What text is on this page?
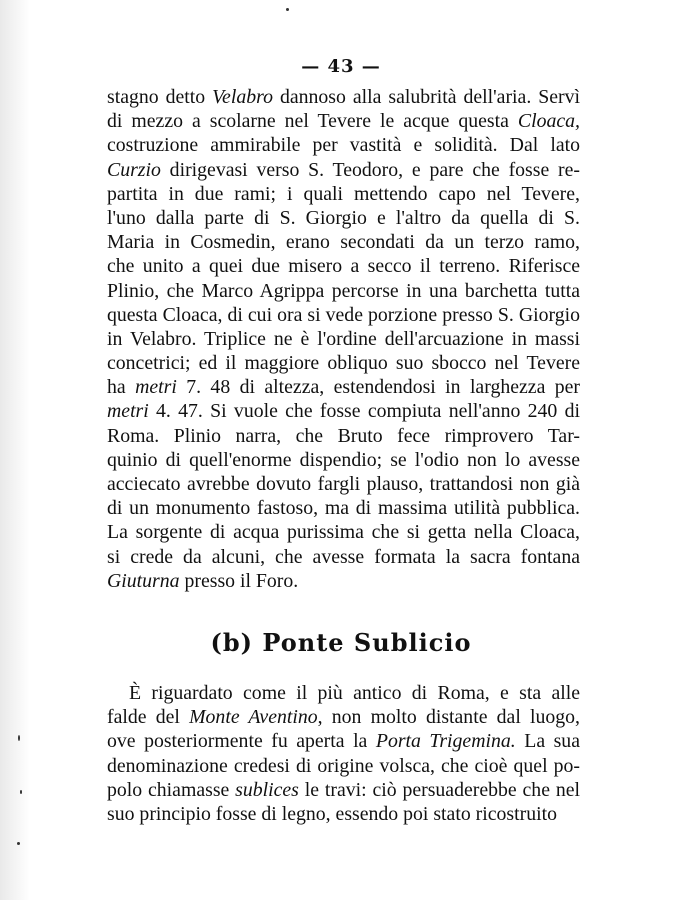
— 43 —
stagno detto Velabro dannoso alla salubrità dell'aria. Servì
di mezzo a scolarne nel Tevere le acque questa Cloaca,
costruzione ammirabile per vastità e solidità. Dal lato
Curzio dirigevasi verso S. Teodoro, e pare che fosse re-
partita in due rami; i quali mettendo capo nel Tevere,
l'uno dalla parte di S. Giorgio e l'altro da quella di S.
Maria in Cosmedin, erano secondati da un terzo ramo,
che unito a quei due misero a secco il terreno. Riferisce
Plinio, che Marco Agrippa percorse in una barchetta tutta
questa Cloaca, di cui ora si vede porzione presso S. Giorgio
in Velabro. Triplice ne è l'ordine dell'arcuazione in massi
concetrici; ed il maggiore obliquo suo sbocco nel Tevere
ha metri 7. 48 di altezza, estendendosi in larghezza per
metri 4. 47. Si vuole che fosse compiuta nell'anno 240 di
Roma. Plinio narra, che Bruto fece rimprovero Tar-
quinio di quell'enorme dispendio; se l'odio non lo avesse
acciecato avrebbe dovuto fargli plauso, trattandosi non già
di un monumento fastoso, ma di massima utilità pubblica.
La sorgente di acqua purissima che si getta nella Cloaca,
si crede da alcuni, che avesse formata la sacra fontana
Giuturna presso il Foro.
(b) Ponte Sublicio
È riguardato come il più antico di Roma, e sta alle
falde del Monte Aventino, non molto distante dal luogo,
ove posteriormente fu aperta la Porta Trigemina. La sua
denominazione credesi di origine volsca, che cioè quel po-
polo chiamasse sublices le travi: ciò persuaderebbe che nel
suo principio fosse di legno, essendo poi stato ricostruito
